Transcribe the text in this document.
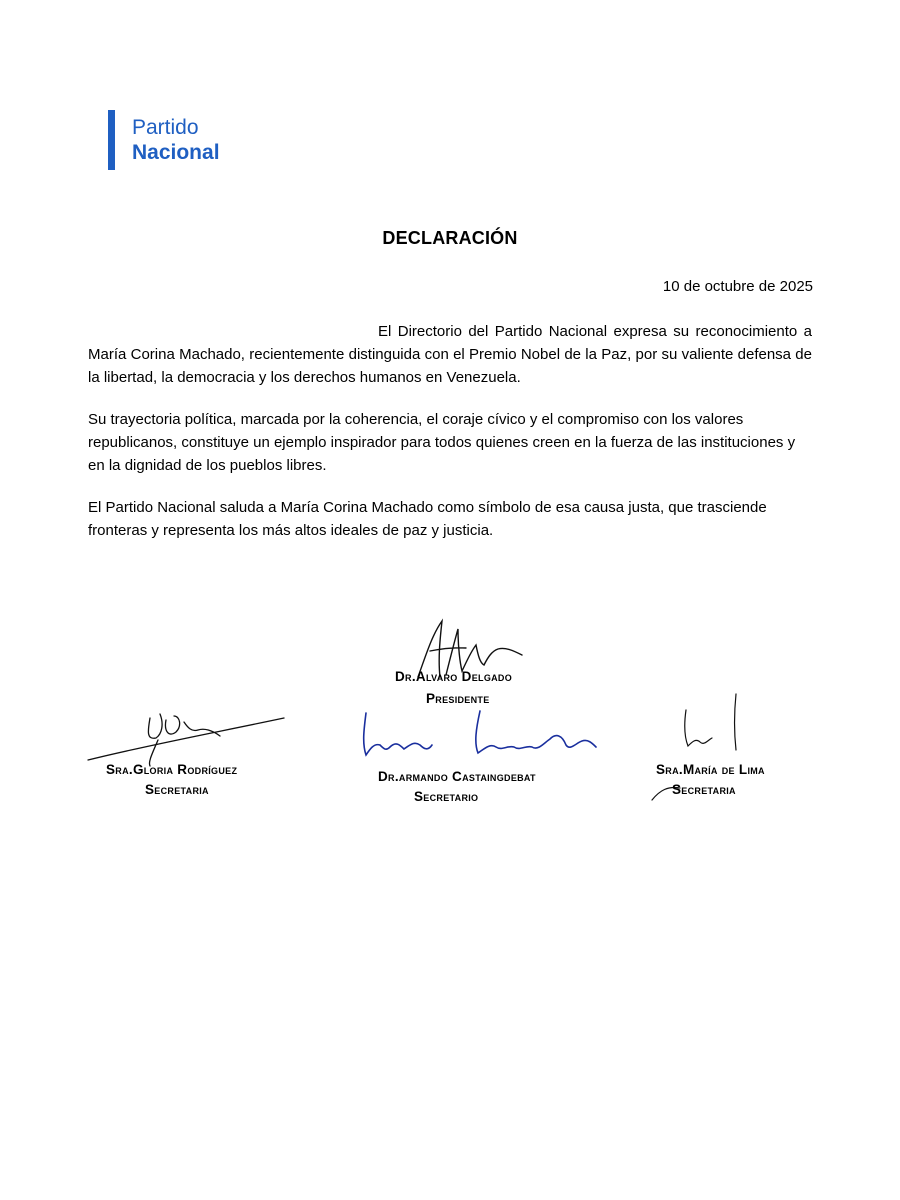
Partido
Nacional
DECLARACIÓN
10 de octubre de 2025

El Directorio del Partido Nacional expresa su reconocimiento a María Corina Machado, recientemente distinguida con el Premio Nobel de la Paz, por su valiente defensa de la libertad, la democracia y los derechos humanos en Venezuela.

Su trayectoria política, marcada por la coherencia, el coraje cívico y el compromiso con los valores republicanos, constituye un ejemplo inspirador para todos quienes creen en la fuerza de las instituciones y en la dignidad de los pueblos libres.

El Partido Nacional saluda a María Corina Machado como símbolo de esa causa justa, que trasciende fronteras y representa los más altos ideales de paz y justicia.

Dr.Alvaro Delgado
Presidente
Sra.Gloria Rodríguez
Secretaria
Dr.armando Castaingdebat
Secretario
Sra.María de Lima
Secretaria
